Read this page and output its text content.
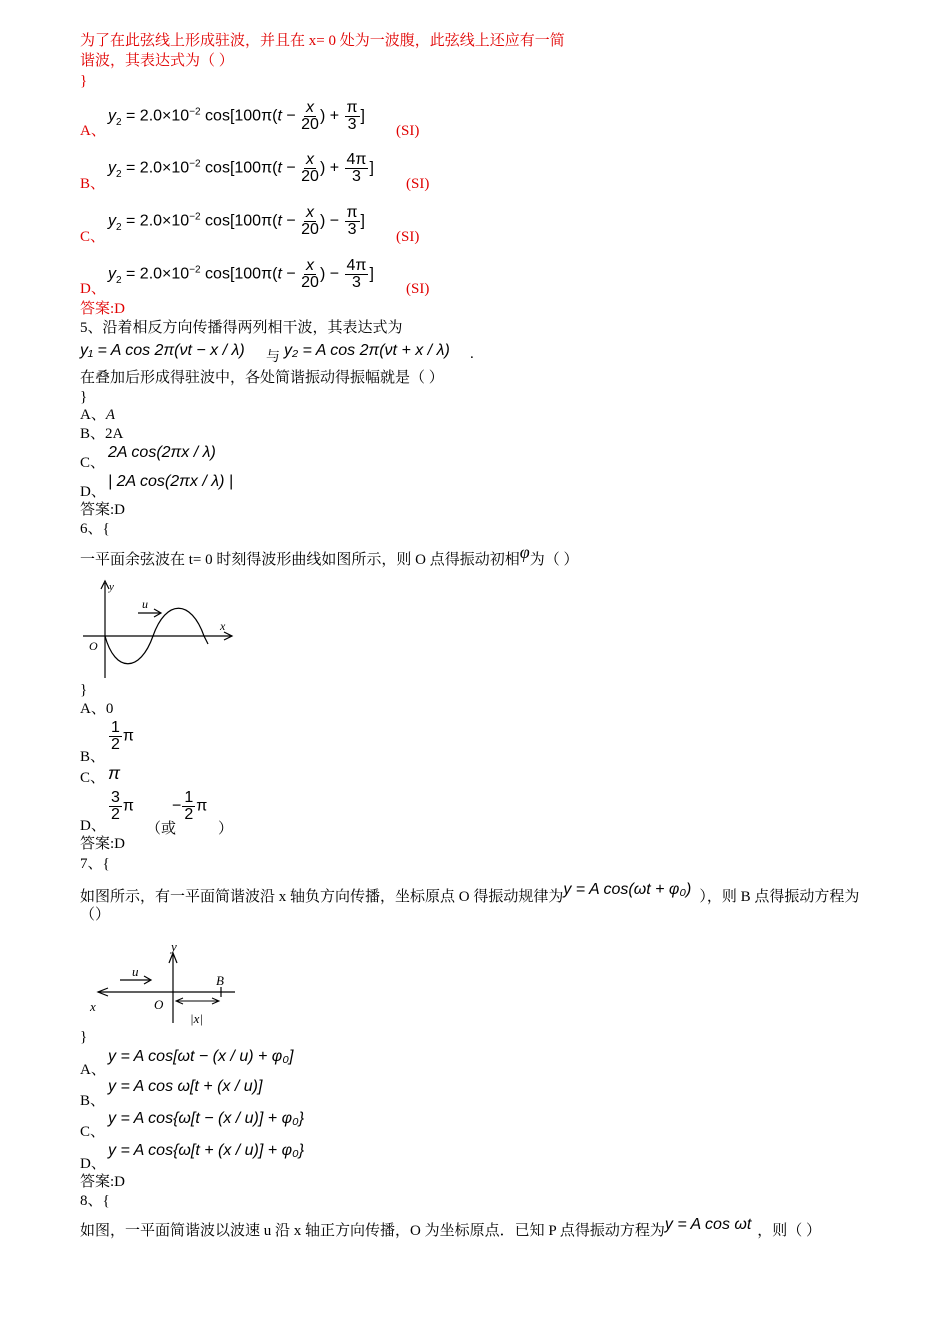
为了在此弦线上形成驻波，并且在 x= 0 处为一波腹，此弦线上还应有一简
谐波，其表达式为（ ）
}
A、
$y_2 = 2.0\times 10^{-2}$ $\cos[100\pi(t - \frac{x}{20}$ ) + $\frac{\pi}{3}$ ]
(SI)
B、
$y_2 = 2.0\times 10^{-2}$ $\cos[100\pi(t - \frac{x}{20}$ ) + $\frac{4\pi}{3}$ ]
(SI)
C、
$y_2 = 2.0\times 10^{-2}$ $\cos[100\pi(t - \frac{x}{20}$ ) − $\frac{\pi}{3}$ ]
(SI)
D、
$y_2 = 2.0\times 10^{-2}$ $\cos[100\pi(t - \frac{x}{20}$ ) − $\frac{4\pi}{3}$ ]
(SI)
答案:D
5、沿着相反方向传播得两列相干波，其表达式为
y₁ = A cos 2π(νt − x / λ) 与 y₂ = A cos 2π(νt + x / λ) .
在叠加后形成得驻波中，各处简谐振动得振幅就是（ ）
}
A、A
B、2A
C、
2A cos(2πx / λ)
D、
| 2A cos(2πx / λ) |
答案:D
6、{
一平面余弦波在 t= 0 时刻得波形曲线如图所示，则 O 点得振动初相φ为（ ）
y
u
x
O
}
A、0
B、
$\frac{1}{2}$ π
C、 π
D、
$\frac{3}{2}$ π
（或
− $\frac{1}{2}$ π
）
答案:D
7、{
如图所示，有一平面简谐波沿 x 轴负方向传播，坐标原点 O 得振动规律为y = A cos(ωt + φ₀) ），则 B 点得振动方程为
（）
y
u
x	O
B
|x|
}
A、
y = A cos[ωt − (x / u) + φ₀]
B、
y = A cos ω[t + (x / u)]
C、
y = A cos{ω[t − (x / u)] + φ₀}
D、
y = A cos{ω[t + (x / u)] + φ₀}
答案:D
8、{
如图，一平面简谐波以波速 u 沿 x 轴正方向传播，O 为坐标原点．已知 P 点得振动方程为y = A cos ωt ，则（ ）
